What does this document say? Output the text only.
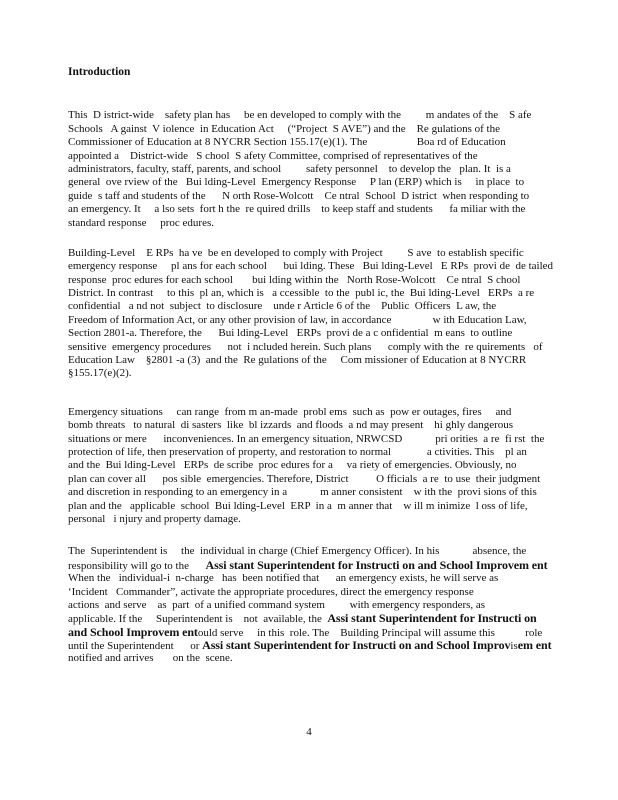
Introduction
This  D istrict-wide    safety plan has     be en developed to comply with the         m andates of the    S afe
Schools   A gainst  V iolence  in Education Act     (“Project  S AVE”) and the    Re gulations of the
Commissioner of Education at 8 NYCRR Section 155.17(e)(1). The                  Boa rd of Education
appointed a    District-wide   S chool  S afety Committee, comprised of representatives of the
administrators, faculty, staff, parents, and school         safety personnel    to develop the   plan. It  is a
general  ove rview of the   Bui lding-Level  Emergency Response     P lan (ERP) which is     in place  to
guide  s taff and students of the      N orth Rose-Wolcott    Ce ntral  School  D istrict  when responding to
an emergency. It     a lso sets  fort h the  re quired drills    to keep staff and students      fa miliar with the
standard response     proc edures.
Building-Level    E RPs  ha ve  be en developed to comply with Project         S ave  to establish specific
emergency response     pl ans for each school      bui lding. These   Bui lding-Level   E RPs  provi de  de tailed
response  proc edures for each school       bui lding within the   North Rose-Wolcott    Ce ntral  S chool
District. In contrast     to this  pl an, which is   a ccessible  to the  publ ic, the  Bui lding-Level   ERPs  a re
confidential   a nd not  subject  to disclosure    unde r Article 6 of the    Public  Officers  L aw, the
Freedom of Information Act, or any other provision of law, in accordance               w ith Education Law,
Section 2801-a. Therefore, the      Bui lding-Level   ERPs  provi de a c onfidential  m eans  to outline
sensitive  emergency procedures      not  i ncluded herein. Such plans      comply with the  re quirements   of
Education Law    §2801 -a (3)  and the  Re gulations of the     Com missioner of Education at 8 NYCRR
§155.17(e)(2).
Emergency situations     can range  from m an-made  probl ems  such as  pow er outages, fires     and
bomb threats   to natural  di sasters  like  bl izzards  and floods  a nd may present    hi ghly dangerous
situations or mere      inconveniences. In an emergency situation, NRWCSD            pri orities  a re  fi rst  the
protection of life, then preservation of property, and restoration to normal             a ctivities. This    pl an
and the  Bui lding-Level   ERPs  de scribe  proc edures for a     va riety of emergencies. Obviously, no
plan can cover all      pos sible  emergencies. Therefore, District          O fficials  a re  to use  their judgment
and discretion in responding to an emergency in a            m anner consistent    w ith the  provi sions of this
plan and the   applicable  school  Bui lding-Level  ERP  in a  m anner that    w ill m inimize  l oss of life,
personal   i njury and property damage.
The  Superintendent is     the  individual in charge (Chief Emergency Officer). In his            absence, the
responsibility will go to the      Assi stant Superintendent for Instructi on and School Improvem ent
When the   individual-i  n-charge   has  been notified that      an emergency exists, he will serve as
‘Incident   Commander”, activate the appropriate procedures, direct the emergency response
actions  and serve    as  part  of a unified command system         with emergency responders, as
applicable. If the     Superintendent is    not  available, the  Assi stant Superintendent for Instructi on
and School Improvem entould serve     in this  role. The    Building Principal will assume this           role
until the Superintendent      or Assi stant Superintendent for Instructi on and School Improvisem ent
notified and arrives       on the  scene.
4
